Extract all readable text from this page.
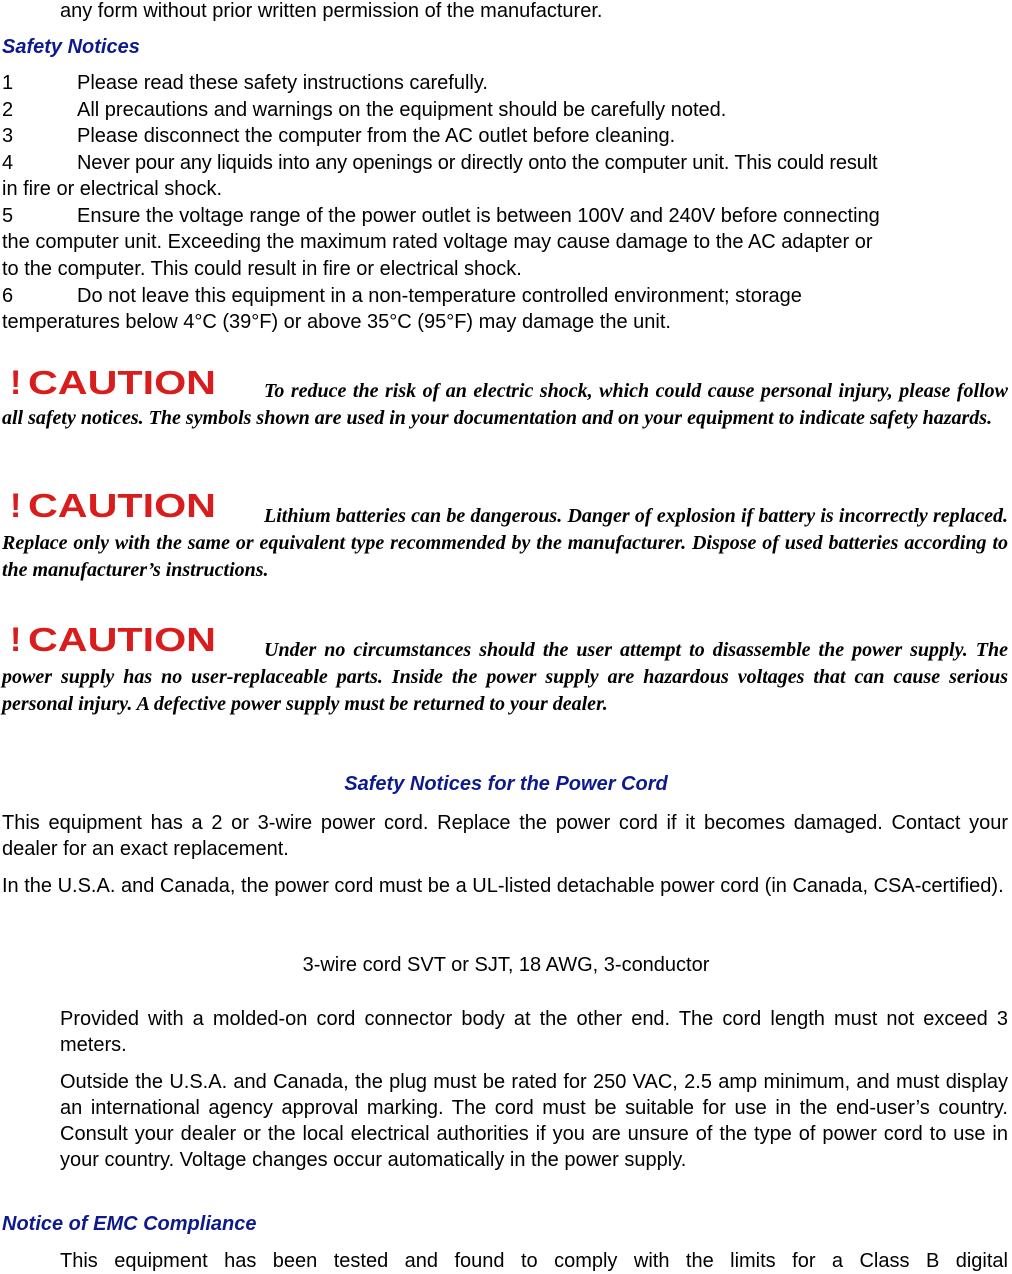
any form without prior written permission of the manufacturer.
Safety Notices
1	Please read these safety instructions carefully.
2	All precautions and warnings on the equipment should be carefully noted.
3	Please disconnect the computer from the AC outlet before cleaning.
4	Never pour any liquids into any openings or directly onto the computer unit. This could result
in fire or electrical shock.
5	Ensure the voltage range of the power outlet is between 100V and 240V before connecting
the computer unit. Exceeding the maximum rated voltage may cause damage to the AC adapter or
to the computer. This could result in fire or electrical shock.
6	Do not leave this equipment in a non-temperature controlled environment; storage
temperatures below 4°C (39°F) or above 35°C (95°F) may damage the unit.
! CAUTION	To reduce the risk of an electric shock, which could cause personal injury, please follow all safety notices. The symbols shown are used in your documentation and on your equipment to indicate safety hazards.
! CAUTION	Lithium batteries can be dangerous. Danger of explosion if battery is incorrectly replaced. Replace only with the same or equivalent type recommended by the manufacturer. Dispose of used batteries according to the manufacturer’s instructions.
! CAUTION	Under no circumstances should the user attempt to disassemble the power supply. The power supply has no user-replaceable parts. Inside the power supply are hazardous voltages that can cause serious personal injury. A defective power supply must be returned to your dealer.
Safety Notices for the Power Cord
This equipment has a 2 or 3-wire power cord. Replace the power cord if it becomes damaged. Contact your dealer for an exact replacement.
In the U.S.A. and Canada, the power cord must be a UL-listed detachable power cord (in Canada, CSA-certified).
3-wire cord SVT or SJT, 18 AWG, 3-conductor
Provided with a molded-on cord connector body at the other end. The cord length must not exceed 3 meters.
Outside the U.S.A. and Canada, the plug must be rated for 250 VAC, 2.5 amp minimum, and must display an international agency approval marking. The cord must be suitable for use in the end-user’s country. Consult your dealer or the local electrical authorities if you are unsure of the type of power cord to use in your country. Voltage changes occur automatically in the power supply.
Notice of EMC Compliance
This equipment has been tested and found to comply with the limits for a Class B digital
